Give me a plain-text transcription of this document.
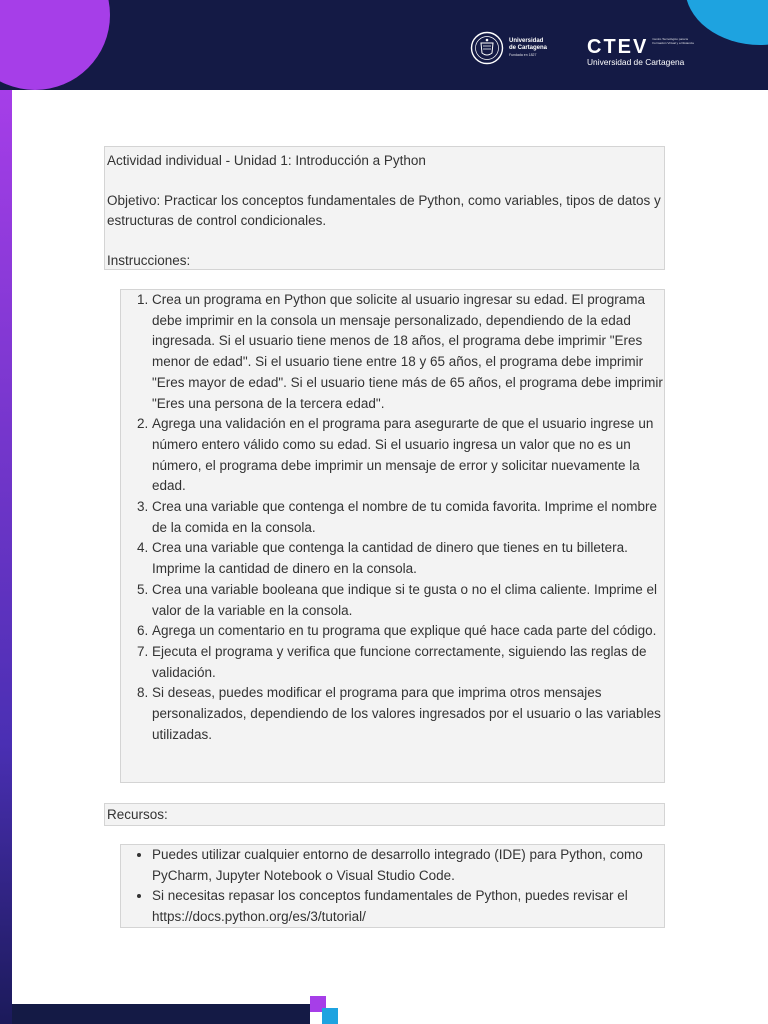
Universidad
de Cartagena
Fundada en 1827	CTEV Centro Tecnológico para la Formación Virtual y a Distancia
Universidad de Cartagena

Actividad individual - Unidad 1: Introducción a Python

Objetivo: Practicar los conceptos fundamentales de Python, como variables, tipos de datos y estructuras de control condicionales.

Instrucciones:

1. Crea un programa en Python que solicite al usuario ingresar su edad. El programa debe imprimir en la consola un mensaje personalizado, dependiendo de la edad ingresada. Si el usuario tiene menos de 18 años, el programa debe imprimir "Eres menor de edad". Si el usuario tiene entre 18 y 65 años, el programa debe imprimir "Eres mayor de edad". Si el usuario tiene más de 65 años, el programa debe imprimir "Eres una persona de la tercera edad".
2. Agrega una validación en el programa para asegurarte de que el usuario ingrese un número entero válido como su edad. Si el usuario ingresa un valor que no es un número, el programa debe imprimir un mensaje de error y solicitar nuevamente la edad.
3. Crea una variable que contenga el nombre de tu comida favorita. Imprime el nombre de la comida en la consola.
4. Crea una variable que contenga la cantidad de dinero que tienes en tu billetera. Imprime la cantidad de dinero en la consola.
5. Crea una variable booleana que indique si te gusta o no el clima caliente. Imprime el valor de la variable en la consola.
6. Agrega un comentario en tu programa que explique qué hace cada parte del código.
7. Ejecuta el programa y verifica que funcione correctamente, siguiendo las reglas de validación.
8. Si deseas, puedes modificar el programa para que imprima otros mensajes personalizados, dependiendo de los valores ingresados por el usuario o las variables utilizadas.
Recursos:
• Puedes utilizar cualquier entorno de desarrollo integrado (IDE) para Python, como PyCharm, Jupyter Notebook o Visual Studio Code.
• Si necesitas repasar los conceptos fundamentales de Python, puedes revisar el https://docs.python.org/es/3/tutorial/
